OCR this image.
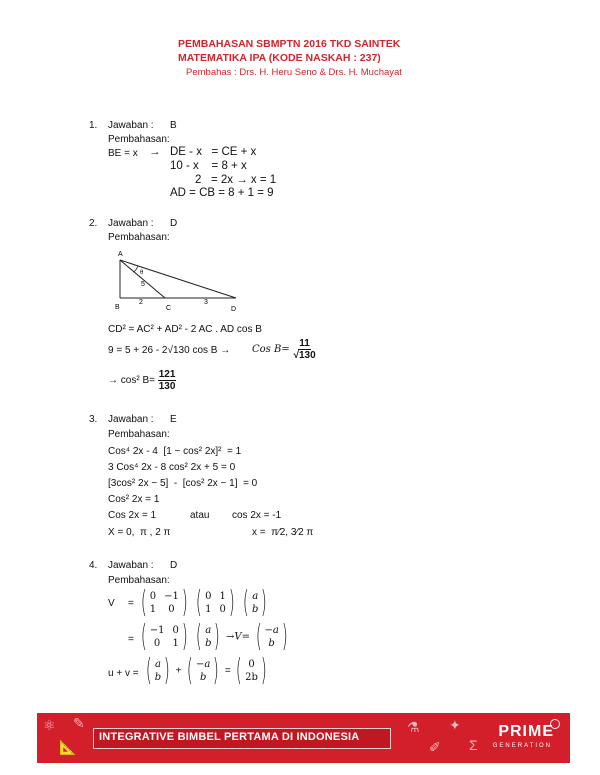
PEMBAHASAN SBMPTN 2016 TKD SAINTEK
MATEMATIKA IPA (KODE NASKAH : 237)
Pembahas : Drs. H. Heru Seno & Drs. H. Muchayat
1. Jawaban : B
Pembahasan:
BE = x → DE - x   = CE + x
10 - x    = 8 + x
2   = 2x → x = 1
AD = CB = 8 + 1 = 9
2. Jawaban : D
Pembahasan:
A
B	C	D
θ
5
2	3
CD² = AC² + AD² - 2 AC . AD cos B
9 = 5 + 26 - 2√130 cos B → Cos $B= \frac{11}{√130}$
→ cos² $B= \frac{121}{130}$
3. Jawaban : E
Pembahasan:
Cos⁴ 2x - 4  [1 − cos² 2x]²  = 1
3 Cos⁴ 2x - 8 cos² 2x + 5 = 0
[3cos² 2x − 5]  -  [cos² 2x − 1]  = 0
Cos² 2x = 1
Cos 2x = 1	atau cos 2x = -1
X = 0,  π , 2 π	x =  π⁄2, 3⁄2 π
4. Jawaban : D
Pembahasan:
V = ( 0 −1
1	0 )
( 0 1
1 0 )
( a
b )
= ( −1 0
0	1 )
( a
b ) →V= ( −a
b )
u + v = ( a
b ) + ( −a
b ) = ( 0
2b )
⚛
📐
✎	⚗
✐
✦
Σ
INTEGRATIVE BIMBEL PERTAMA DI INDONESIA	PRIME
GENERATION
